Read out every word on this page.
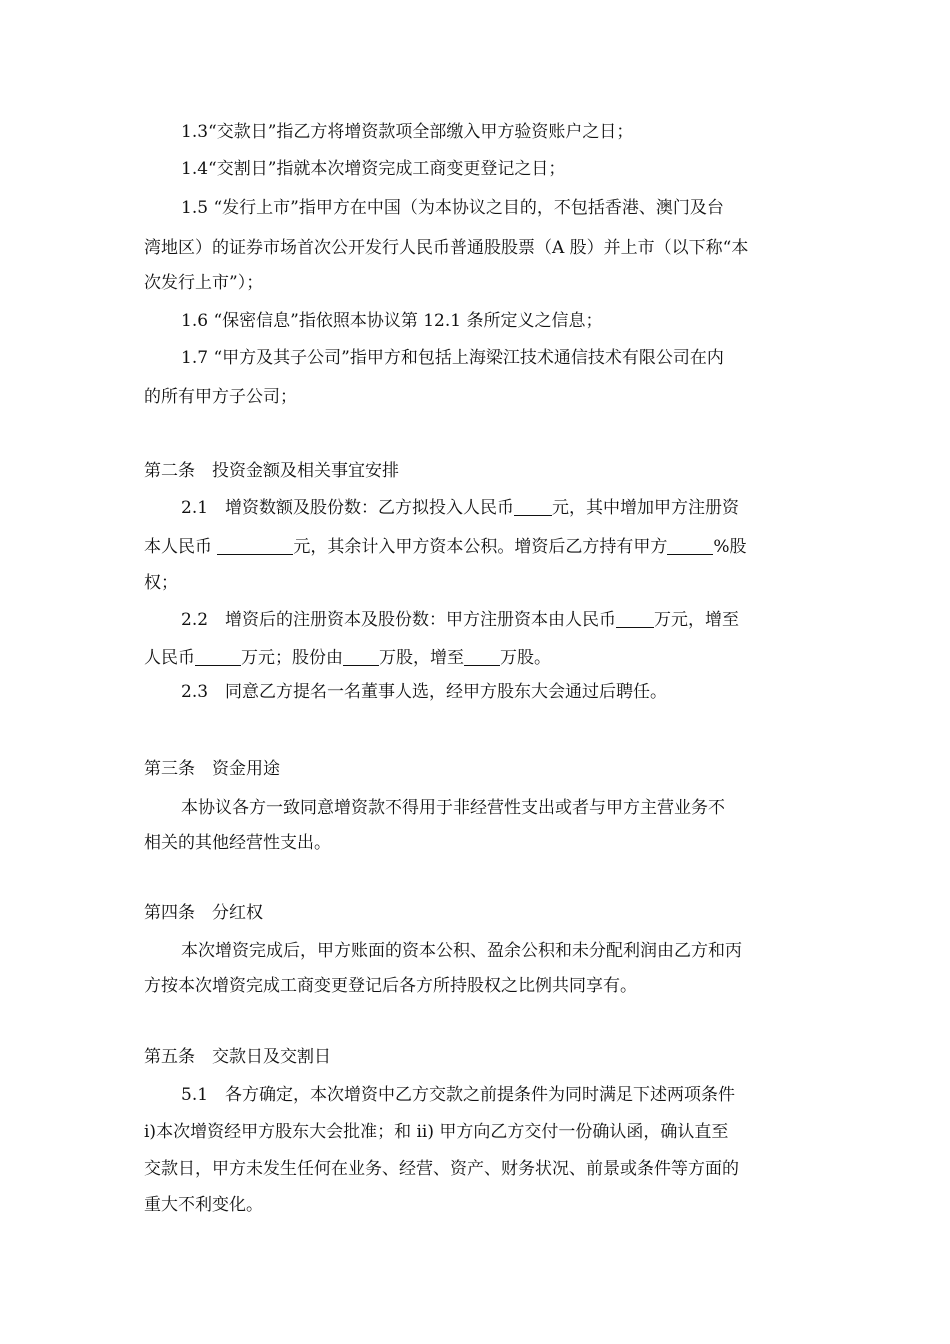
1.3“交款日”指乙方将增资款项全部缴入甲方验资账户之日；
1.4“交割日”指就本次增资完成工商变更登记之日；
1.5 “发行上市”指甲方在中国（为本协议之目的，不包括香港、澳门及台
湾地区）的证券市场首次公开发行人民币普通股股票（A 股）并上市（以下称“本
次发行上市”）；
1.6 “保密信息”指依照本协议第 12.1 条所定义之信息；
1.7 “甲方及其子公司”指甲方和包括上海梁江技术通信技术有限公司在内
的所有甲方子公司；
第二条　投资金额及相关事宜安排
2.1　增资数额及股份数：乙方拟投入人民币 元，其中增加甲方注册资
本人民币	元，其余计入甲方资本公积。增资后乙方持有甲方	%股
权；
2.2　增资后的注册资本及股份数：甲方注册资本由人民币 万元，增至
人民币	万元；股份由 万股，增至 万股。
2.3　同意乙方提名一名董事人选，经甲方股东大会通过后聘任。
第三条　资金用途
本协议各方一致同意增资款不得用于非经营性支出或者与甲方主营业务不
相关的其他经营性支出。
第四条　分红权
本次增资完成后，甲方账面的资本公积、盈余公积和未分配利润由乙方和丙
方按本次增资完成工商变更登记后各方所持股权之比例共同享有。
第五条　交款日及交割日
5.1　各方确定，本次增资中乙方交款之前提条件为同时满足下述两项条件
i)本次增资经甲方股东大会批准；和 ii) 甲方向乙方交付一份确认函，确认直至
交款日，甲方未发生任何在业务、经营、资产、财务状况、前景或条件等方面的
重大不利变化。
